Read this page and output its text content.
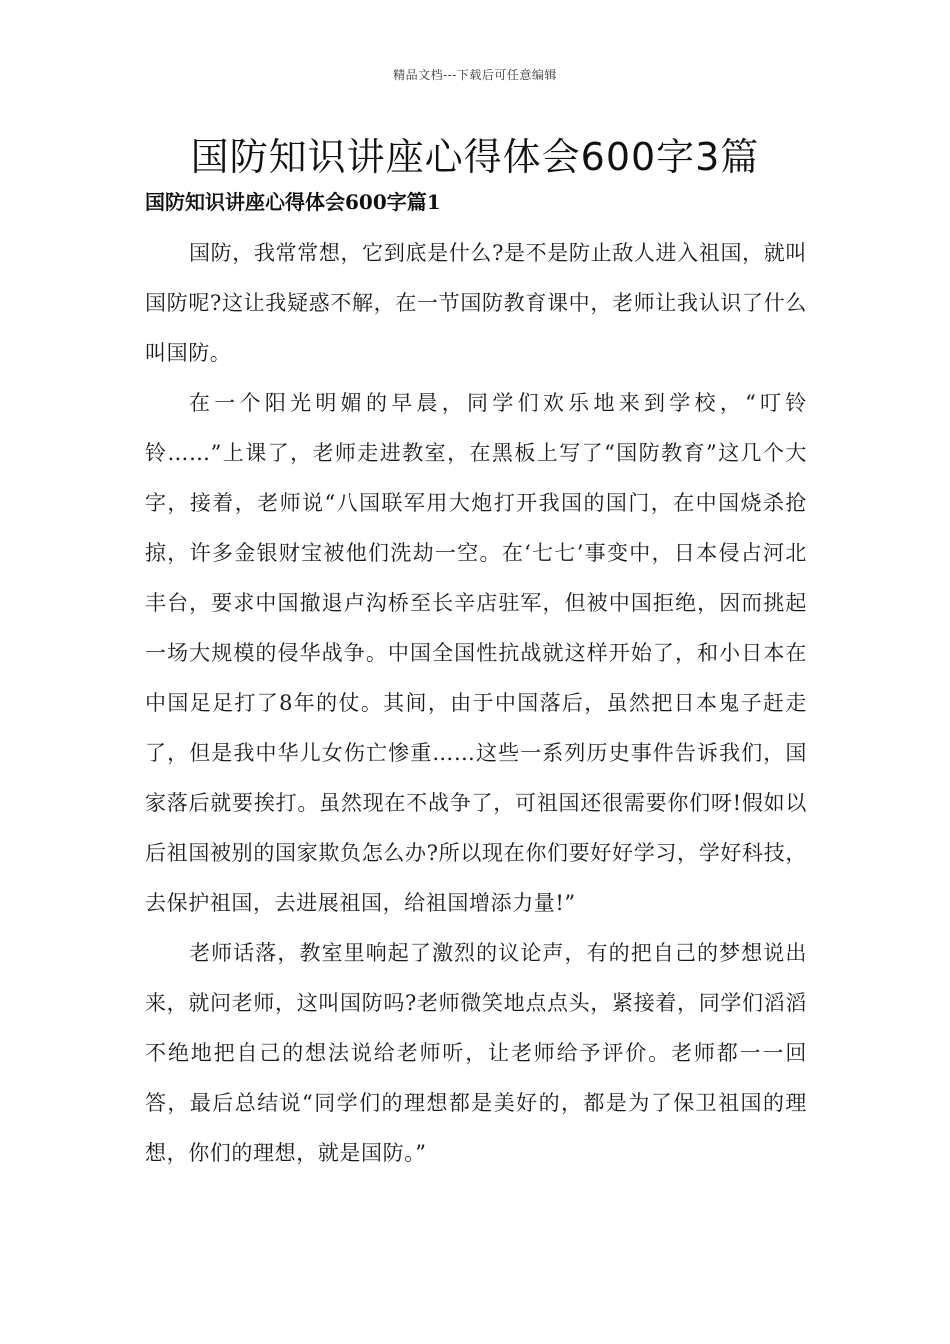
精品文档---下载后可任意编辑
国防知识讲座心得体会600字3篇
国防知识讲座心得体会600字篇1

国防，我常常想，它到底是什么?是不是防止敌人进入祖国，就叫国防呢?这让我疑惑不解，在一节国防教育课中，老师让我认识了什么叫国防。

在一个阳光明媚的早晨，同学们欢乐地来到学校，“叮铃铃……”上课了，老师走进教室，在黑板上写了“国防教育”这几个大字，接着，老师说“八国联军用大炮打开我国的国门，在中国烧杀抢掠，许多金银财宝被他们洗劫一空。在‘七七’事变中，日本侵占河北丰台，要求中国撤退卢沟桥至长辛店驻军，但被中国拒绝，因而挑起一场大规模的侵华战争。中国全国性抗战就这样开始了，和小日本在中国足足打了8年的仗。其间，由于中国落后，虽然把日本鬼子赶走了，但是我中华儿女伤亡惨重……这些一系列历史事件告诉我们，国家落后就要挨打。虽然现在不战争了，可祖国还很需要你们呀!假如以后祖国被别的国家欺负怎么办?所以现在你们要好好学习，学好科技，去保护祖国，去进展祖国，给祖国增添力量!”

老师话落，教室里响起了激烈的议论声，有的把自己的梦想说出来，就问老师，这叫国防吗?老师微笑地点点头，紧接着，同学们滔滔不绝地把自己的想法说给老师听，让老师给予评价。老师都一一回答，最后总结说“同学们的理想都是美好的，都是为了保卫祖国的理想，你们的理想，就是国防。”
